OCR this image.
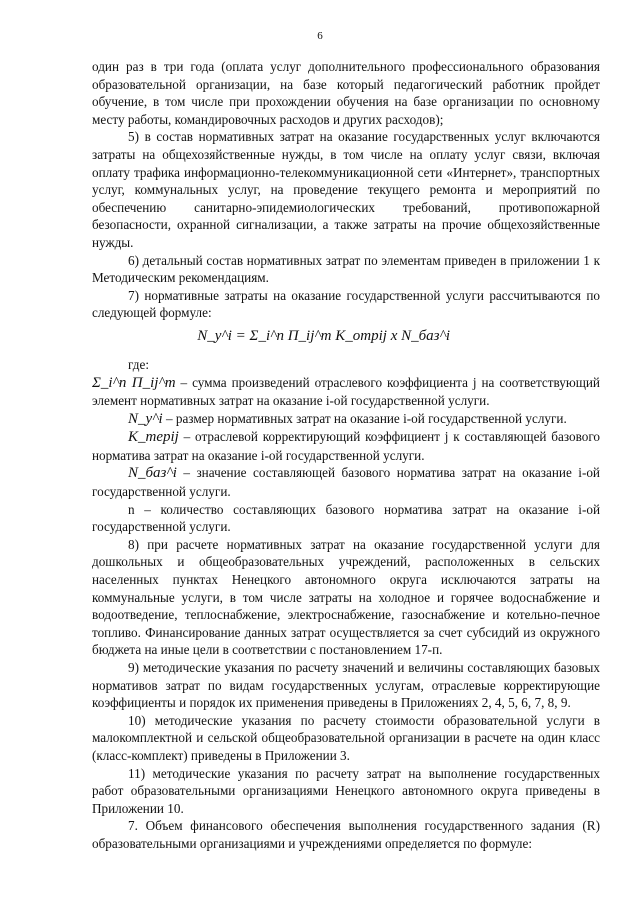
6

один раз в три года (оплата услуг дополнительного профессионального образования образовательной организации, на базе который педагогический работник пройдет обучение, в том числе при прохождении обучения на базе организации по основному месту работы, командировочных расходов и других расходов);

5) в состав нормативных затрат на оказание государственных услуг включаются затраты на общехозяйственные нужды, в том числе на оплату услуг связи, включая оплату трафика информационно-телекоммуникационной сети «Интернет», транспортных услуг, коммунальных услуг, на проведение текущего ремонта и мероприятий по обеспечению санитарно-эпидемиологических требований, противопожарной безопасности, охранной сигнализации, а также затраты на прочие общехозяйственные нужды.

6) детальный состав нормативных затрат по элементам приведен в приложении 1 к Методическим рекомендациям.

7) нормативные затраты на оказание государственной услуги рассчитываются по следующей формуле:

N_y^i = Σ_i^n Π_ij^m K_отрij x N_баз^i

где:

Σ_i^n Π_ij^m – сумма произведений отраслевого коэффициента j на соответствующий элемент нормативных затрат на оказание i-ой государственной услуги.

N_y^i – размер нормативных затрат на оказание i-ой государственной услуги.

K_терij – отраслевой корректирующий коэффициент j к составляющей базового норматива затрат на оказание i-ой государственной услуги.

N_баз^i – значение составляющей базового норматива затрат на оказание i-ой государственной услуги.

n – количество составляющих базового норматива затрат на оказание i-ой государственной услуги.

8) при расчете нормативных затрат на оказание государственной услуги для дошкольных и общеобразовательных учреждений, расположенных в сельских населенных пунктах Ненецкого автономного округа исключаются затраты на коммунальные услуги, в том числе затраты на холодное и горячее водоснабжение и водоотведение, теплоснабжение, электроснабжение, газоснабжение и котельно-печное топливо. Финансирование данных затрат осуществляется за счет субсидий из окружного бюджета на иные цели в соответствии с постановлением 17-п.

9) методические указания по расчету значений и величины составляющих базовых нормативов затрат по видам государственных услугам, отраслевые корректирующие коэффициенты и порядок их применения приведены в Приложениях 2, 4, 5, 6, 7, 8, 9.

10) методические указания по расчету стоимости образовательной услуги в малокомплектной и сельской общеобразовательной организации в расчете на один класс (класс-комплект) приведены в Приложении 3.

11) методические указания по расчету затрат на выполнение государственных работ образовательными организациями Ненецкого автономного округа приведены в Приложении 10.

7. Объем финансового обеспечения выполнения государственного задания (R) образовательными организациями и учреждениями определяется по формуле:
